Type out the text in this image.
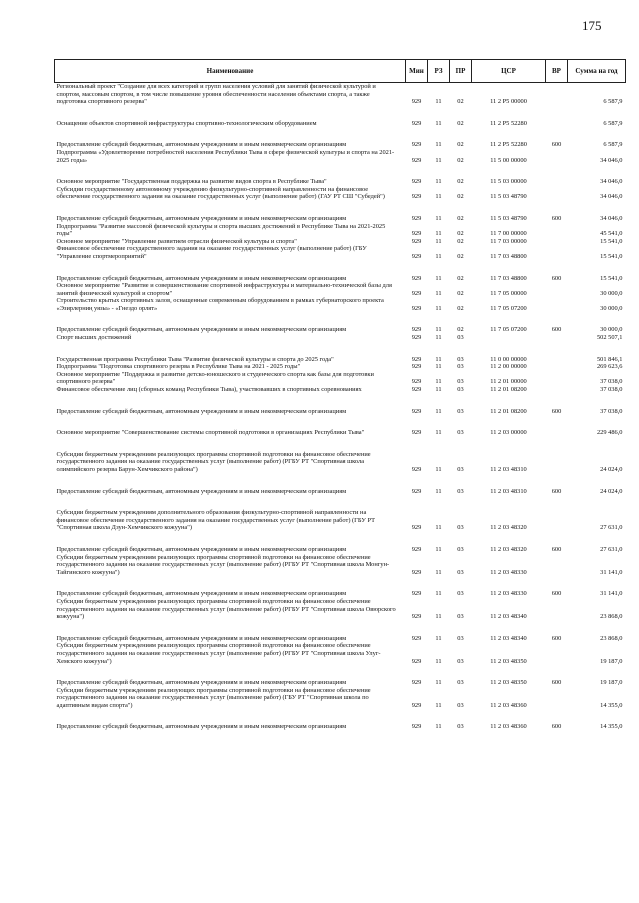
175
Наименование	Мин	РЗ	ПР	ЦСР	ВР	Сумма на год
Региональный проект "Создание для всех категорий и групп населения условий для занятий физической культурой и спортом, массовым спортом, в том числе повышение уровня обеспеченности населения объектами спорта, а также подготовка спортивного резерва"	929	11	02	11 2 P5 00000		6 587,9

Оснащение объектов спортивной инфраструктуры спортивно-технологическим оборудованием	929	11	02	11 2 P5 52280		6 587,9

Предоставление субсидий бюджетным, автономным учреждениям и иным некоммерческим организациям	929	11	02	11 2 P5 52280	600	6 587,9
Подпрограмма «Удовлетворение потребностей населения Республики Тыва в сфере физической культуры и спорта на 2021-2025 годы»	929	11	02	11 5 00 00000		34 046,0

Основное мероприятие "Государственная поддержка на развитие видов спорта в Республике Тыва"	929	11	02	11 5 03 00000		34 046,0
Субсидии государственному автономному учреждению физкультурно-спортивной направленности на финансовое обеспечение государственного задания на оказание государственных услуг (выполнение работ) (ГАУ РТ СШ "Субедей")	929	11	02	11 5 03 48790		34 046,0

Предоставление субсидий бюджетным, автономным учреждениям и иным некоммерческим организациям	929	11	02	11 5 03 48790	600	34 046,0
Подпрограмма "Развитие массовой физической культуры и спорта высших достижений в Республике Тыва на 2021-2025 годы"	929	11	02	11 7 00 00000		45 541,0
Основное мероприятие "Управление развитием отрасли физической культуры и спорта"	929	11	02	11 7 03 00000		15 541,0
Финансовое обеспечение государственного задания на оказание государственных услуг (выполнение работ) (ГБУ "Управление спортмероприятий"	929	11	02	11 7 03 48800		15 541,0

Предоставление субсидий бюджетным, автономным учреждениям и иным некоммерческим организациям	929	11	02	11 7 03 48800	600	15 541,0
Основное мероприятие "Развитие и совершенствование спортивной инфраструктуры и материально-технической базы для занятий физической культурой и спортом"	929	11	02	11 7 05 00000		30 000,0
Строительство крытых спортивных залов, оснащенные современным оборудованием в рамках губернаторского проекта «Эзирлерниң уязы» - «Гнездо орлят»	929	11	02	11 7 05 07200		30 000,0

Предоставление субсидий бюджетным, автономным учреждениям и иным некоммерческим организациям	929	11	02	11 7 05 07200	600	30 000,0
Спорт высших достижений	929	11	03			502 507,1

Государственная программа Республики Тыва "Развитие физической культуры и спорта до 2025 года"	929	11	03	11 0 00 00000		501 846,1
Подпрограмма "Подготовка спортивного резерва в Республике Тыва на 2021 - 2025 годы"	929	11	03	11 2 00 00000		269 623,6
Основное мероприятие "Поддержка и развитие детско-юношеского и студенческого спорта как базы для подготовки спортивного резерва"	929	11	03	11 2 01 00000		37 038,0
Финансовое обеспечение лиц (сборных команд Республики Тыва), участвовавших в спортивных соревнованиях	929	11	03	11 2 01 08200		37 038,0

Предоставление субсидий бюджетным, автономным учреждениям и иным некоммерческим организациям	929	11	03	11 2 01 08200	600	37 038,0

Основное мероприятие "Совершенствование системы спортивной подготовки в организациях Республики Тыва"	929	11	03	11 2 03 00000		229 486,0

Субсидии бюджетным учреждениям реализующих программы спортивной подготовки на финансовое обеспечение государственного задания на оказание государственных услуг (выполнение работ) (РГБУ РТ "Спортивная школа олимпийского резерва Барун-Хемчикского района")	929	11	03	11 2 03 48310		24 024,0

Предоставление субсидий бюджетным, автономным учреждениям и иным некоммерческим организациям	929	11	03	11 2 03 48310	600	24 024,0

Субсидии бюджетным учреждениям дополнительного образования физкультурно-спортивной направленности на финансовое обеспечение государственного задания на оказание государственных услуг (выполнение работ) (ГБУ РТ "Спортивная школа Дзун-Хемчикского кожууна")	929	11	03	11 2 03 48320		27 631,0

Предоставление субсидий бюджетным, автономным учреждениям и иным некоммерческим организациям	929	11	03	11 2 03 48320	600	27 631,0
Субсидии бюджетным учреждениям реализующих программы спортивной подготовки на финансовое обеспечение государственного задания на оказание государственных услуг (выполнение работ) (РГБУ РТ "Спортивная школа Монгун-Тайгинского кожууна")	929	11	03	11 2 03 48330		31 141,0

Предоставление субсидий бюджетным, автономным учреждениям и иным некоммерческим организациям	929	11	03	11 2 03 48330	600	31 141,0
Субсидии бюджетным учреждениям реализующих программы спортивной подготовки на финансовое обеспечение государственного задания на оказание государственных услуг (выполнение работ) (РГБУ РТ "Спортивная школа Овюрского кожууна")	929	11	03	11 2 03 48340		23 868,0

Предоставление субсидий бюджетным, автономным учреждениям и иным некоммерческим организациям	929	11	03	11 2 03 48340	600	23 868,0
Субсидии бюджетным учреждениям реализующих программы спортивной подготовки на финансовое обеспечение государственного задания на оказание государственных услуг (выполнение работ) (РГБУ РТ "Спортивная школа Улуг-Хемского кожууна")	929	11	03	11 2 03 48350		19 187,0

Предоставление субсидий бюджетным, автономным учреждениям и иным некоммерческим организациям	929	11	03	11 2 03 48350	600	19 187,0
Субсидии бюджетным учреждениям реализующих программы спортивной подготовки на финансовое обеспечение государственного задания на оказание государственных услуг (выполнение работ) (ГБУ РТ "Спортивная школа по адаптивным видам спорта")	929	11	03	11 2 03 48360		14 355,0

Предоставление субсидий бюджетным, автономным учреждениям и иным некоммерческим организациям	929	11	03	11 2 03 48360	600	14 355,0
